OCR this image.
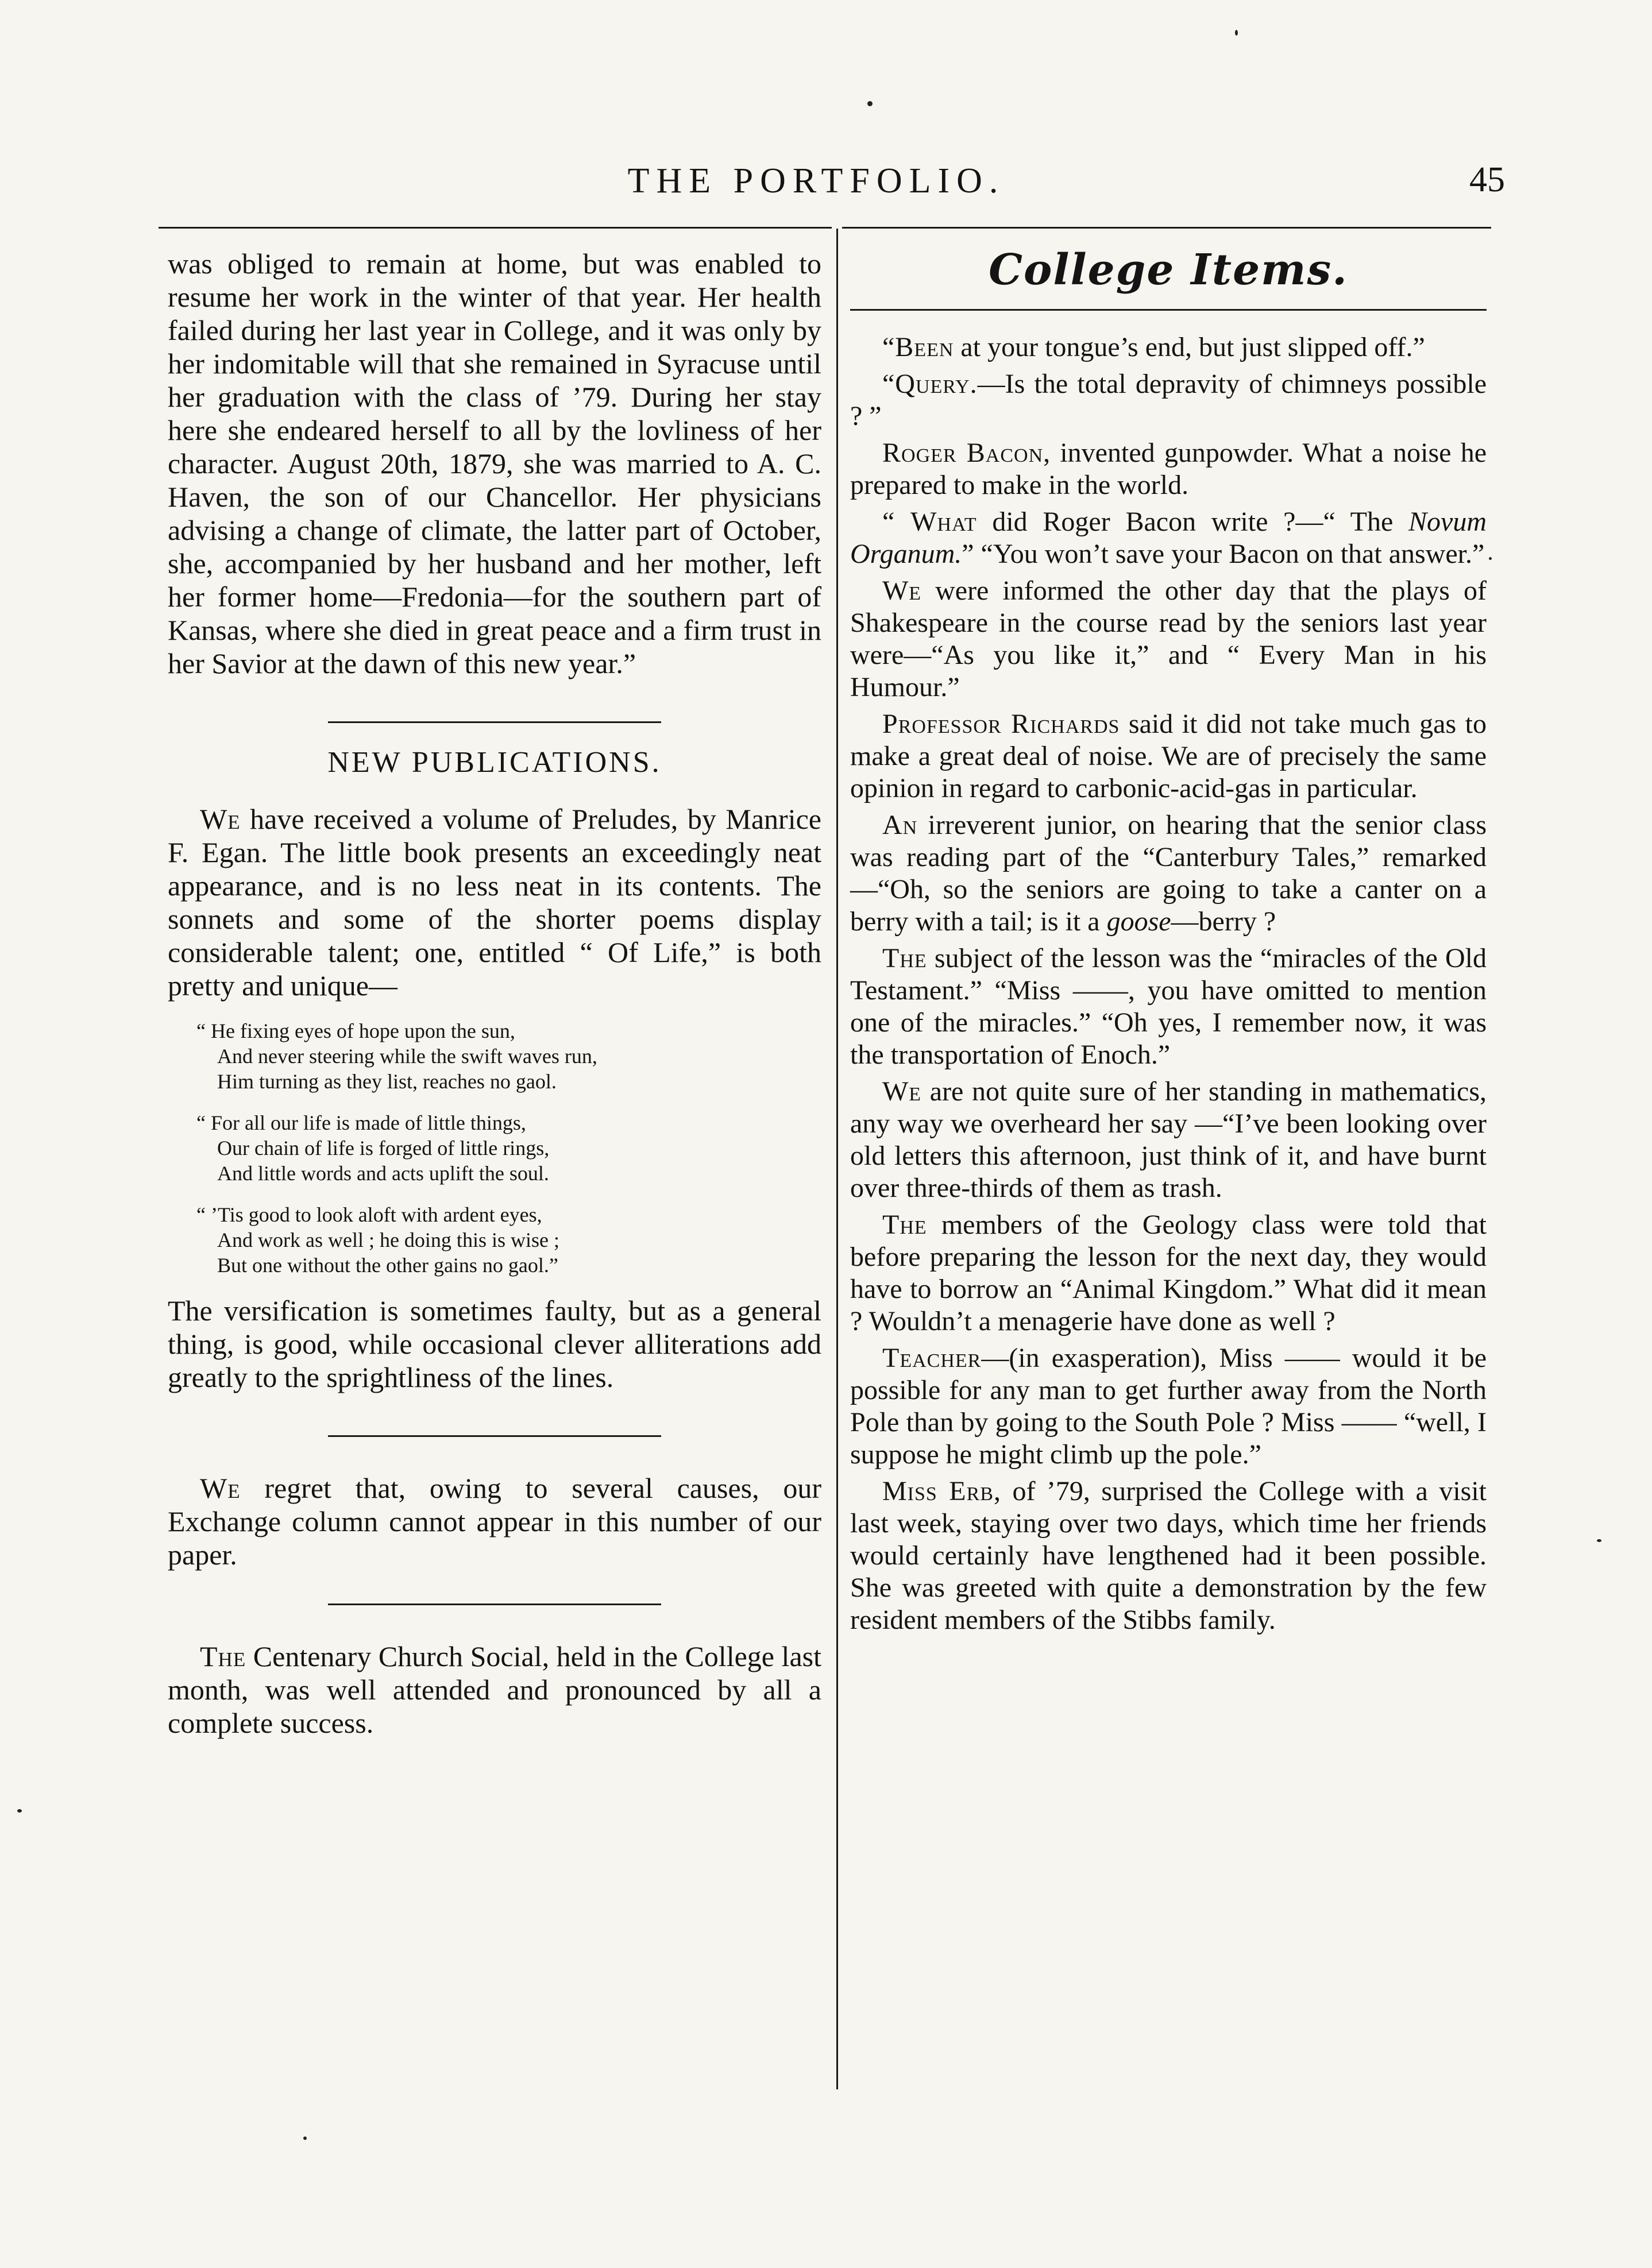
THE PORTFOLIO.	45

was obliged to remain at home, but was enabled to resume her work in the winter of that year. Her health failed during her last year in College, and it was only by her indomitable will that she remained in Syracuse until her graduation with the class of ’79. During her stay here she endeared herself to all by the lovliness of her character. August 20th, 1879, she was married to A. C. Haven, the son of our Chancellor. Her physicians advising a change of climate, the latter part of October, she, accompanied by her husband and her mother, left her former home—Fredonia—for the southern part of Kansas, where she died in great peace and a firm trust in her Savior at the dawn of this new year.”

NEW PUBLICATIONS.

We have received a volume of Preludes, by Manrice F. Egan. The little book presents an exceedingly neat appearance, and is no less neat in its contents. The sonnets and some of the shorter poems display considerable talent; one, entitled “ Of Life,” is both pretty and unique—

“ He fixing eyes of hope upon the sun,
And never steering while the swift waves run,
Him turning as they list, reaches no gaol.
“ For all our life is made of little things,
Our chain of life is forged of little rings,
And little words and acts uplift the soul.
“ ’Tis good to look aloft with ardent eyes,
And work as well ; he doing this is wise ;
But one without the other gains no gaol.”

The versification is sometimes faulty, but as a general thing, is good, while occasional clever alliterations add greatly to the sprightliness of the lines.

We regret that, owing to several causes, our Exchange column cannot appear in this number of our paper.

The Centenary Church Social, held in the College last month, was well attended and pronounced by all a complete success.

College Items.

“Been at your tongue’s end, but just slipped off.”

“Query.—Is the total depravity of chimneys possible ? ”

Roger Bacon, invented gunpowder. What a noise he prepared to make in the world.

“ What did Roger Bacon write ?—“ The Novum Organum.” “You won’t save your Bacon on that answer.”

We were informed the other day that the plays of Shakespeare in the course read by the seniors last year were—“As you like it,” and “ Every Man in his Humour.”

Professor Richards said it did not take much gas to make a great deal of noise. We are of precisely the same opinion in regard to carbonic-acid-gas in particular.

An irreverent junior, on hearing that the senior class was reading part of the “Canterbury Tales,” remarked—“Oh, so the seniors are going to take a canter on a berry with a tail; is it a goose—berry ?

The subject of the lesson was the “miracles of the Old Testament.” “Miss ——, you have omitted to mention one of the miracles.” “Oh yes, I remember now, it was the transportation of Enoch.”

We are not quite sure of her standing in mathematics, any way we overheard her say —“I’ve been looking over old letters this afternoon, just think of it, and have burnt over three-thirds of them as trash.

The members of the Geology class were told that before preparing the lesson for the next day, they would have to borrow an “Animal Kingdom.” What did it mean ? Wouldn’t a menagerie have done as well ?

Teacher—(in exasperation), Miss —— would it be possible for any man to get further away from the North Pole than by going to the South Pole ? Miss —— “well, I suppose he might climb up the pole.”

Miss Erb, of ’79, surprised the College with a visit last week, staying over two days, which time her friends would certainly have lengthened had it been possible. She was greeted with quite a demonstration by the few resident members of the Stibbs family.
